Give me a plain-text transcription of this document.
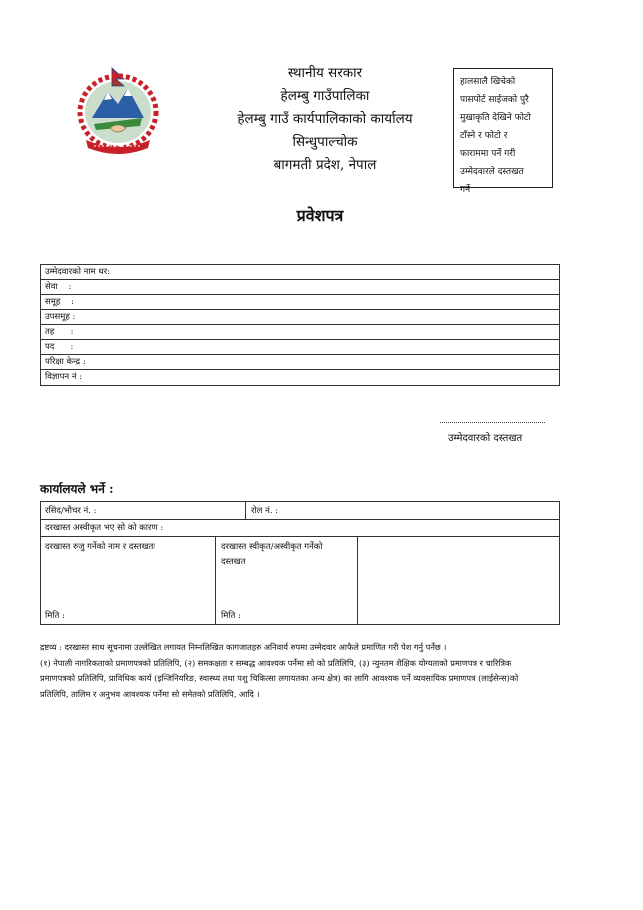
स्थानीय सरकार
हेलम्बु गाउँपालिका
हेलम्बु गाउँ कार्यपालिकाको कार्यालय
सिन्धुपाल्चोक
बागमती प्रदेश, नेपाल
हालसालै खिचेको
पासपोर्ट साईजको पुरै
मुखाकृति देखिने फोटो
टाँस्ने र फोटो र
फाराममा पर्ने गरी
उम्मेदवारले दस्तखत
गर्ने
प्रवेशपत्र
उम्मेदवारको नाम थर :
सेवा :
समूह :
उपसमूह :
तह :
पद :
परिक्षा केन्द्र :
विज्ञापन नं :
उम्मेदवारको दस्तखत
कार्यालयले भर्ने :
रसिद/भौचर नं. :	रोल नं. :
दरखास्त अस्वीकृत भए सो को कारण :
दरखास्त रुजु गर्नेको नाम र दस्तखतः	दरखास्त स्वीकृत/अस्वीकृत गर्नेको
दस्तखत
मिति :	मिति :
द्रष्टव्य : दरखास्त साथ सूचनामा उल्लेखित लगायत निम्नलिखित कागजातहरु अनिवार्य रुपमा उम्मेदवार आफैले प्रमाणित गरी पेश गर्नु पर्नेछ ।
(१) नेपाली नागरिकताको प्रमाणपत्रको प्रतिलिपि, (२) समकक्षता र सम्बद्ध आवश्यक पर्नेमा सो को प्रतिलिपि, (३) न्युनतम शैक्षिक योग्यताको प्रमाणपत्र र चारित्रिक
प्रमाणपत्रको प्रतिलिपि, प्राविधिक कार्य (इन्जिनियरिङ, स्वास्थ्य तथा पशु चिकित्सा लगायतका अन्य क्षेत्र) का लागि आवश्यक पर्ने व्यवसायिक प्रमाणपत्र (लाईसेन्स)को
प्रतिलिपि, तालिम र अनुभव आवश्यक पर्नेमा सो समेतको प्रतिलिपि, आदि ।
